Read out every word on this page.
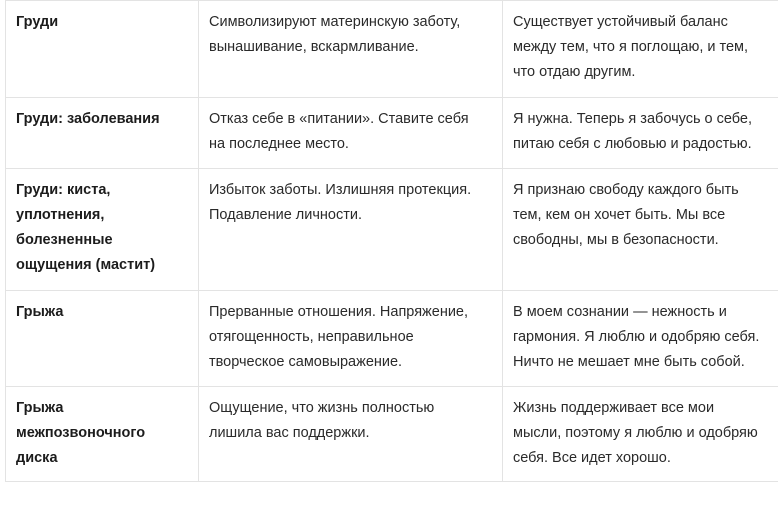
Груди	Символизируют материнскую заботу,
вынашивание, вскармливание.	Существует устойчивый баланс
между тем, что я поглощаю, и тем,
что отдаю другим.

Груди: заболевания	Отказ себе в «питании». Ставите себя
на последнее место.	Я нужна. Теперь я забочусь о себе,
питаю себя с любовью и радостью.

Груди: киста,
уплотнения,
болезненные
ощущения (мастит)	Избыток заботы. Излишняя протекция.
Подавление личности.	Я признаю свободу каждого быть
тем, кем он хочет быть. Мы все
свободны, мы в безопасности.

Грыжа	Прерванные отношения. Напряжение,
отягощенность, неправильное
творческое самовыражение.	В моем сознании — нежность и
гармония. Я люблю и одобряю себя.
Ничто не мешает мне быть собой.

Грыжа
межпозвоночного
диска	Ощущение, что жизнь полностью
лишила вас поддержки.	Жизнь поддерживает все мои
мысли, поэтому я люблю и одобряю
себя. Все идет хорошо.
